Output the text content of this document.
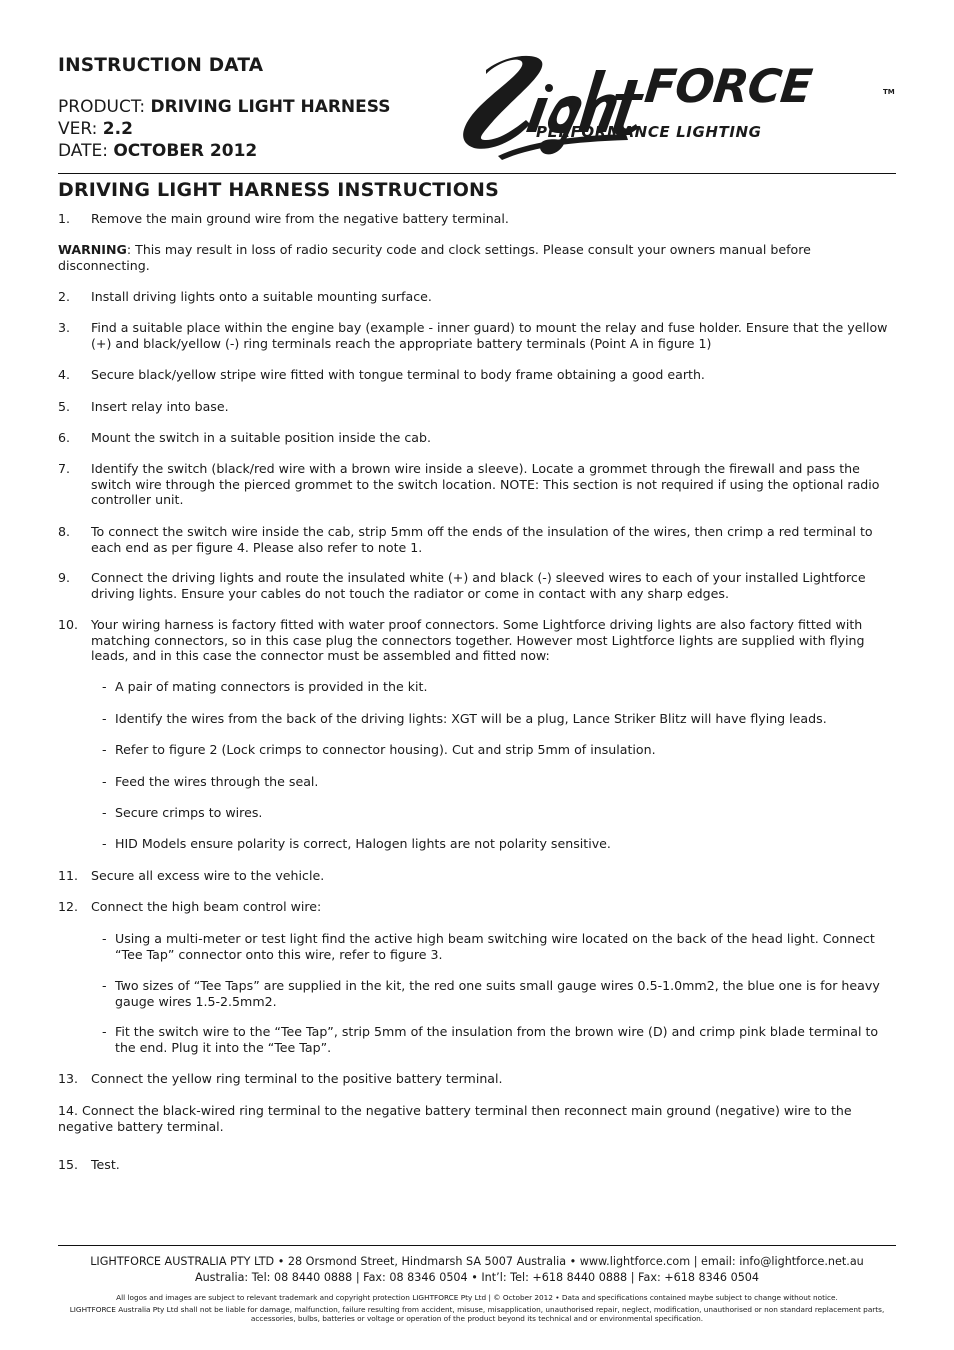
INSTRUCTION DATA
PRODUCT: DRIVING LIGHT HARNESS
VER: 2.2
DATE: OCTOBER 2012
FORCE
PERFORMANCE LIGHTING
TM
DRIVING LIGHT HARNESS INSTRUCTIONS
1. Remove the main ground wire from the negative battery terminal.
WARNING: This may result in loss of radio security code and clock settings. Please consult your owners manual before disconnecting.
2. Install driving lights onto a suitable mounting surface.
3. Find a suitable place within the engine bay (example - inner guard) to mount the relay and fuse holder. Ensure that the yellow (+) and black/yellow (-) ring terminals reach the appropriate battery terminals (Point A in figure 1)
4. Secure black/yellow stripe wire fitted with tongue terminal to body frame obtaining a good earth.
5. Insert relay into base.
6. Mount the switch in a suitable position inside the cab.
7. Identify the switch (black/red wire with a brown wire inside a sleeve). Locate a grommet through the firewall and pass the switch wire through the pierced grommet to the switch location. NOTE: This section is not required if using the optional radio controller unit.
8. To connect the switch wire inside the cab, strip 5mm off the ends of the insulation of the wires, then crimp a red terminal to each end as per figure 4. Please also refer to note 1.
9. Connect the driving lights and route the insulated white (+) and black (-) sleeved wires to each of your installed Lightforce driving lights. Ensure your cables do not touch the radiator or come in contact with any sharp edges.
10. Your wiring harness is factory fitted with water proof connectors. Some Lightforce driving lights are also factory fitted with matching connectors, so in this case plug the connectors together. However most Lightforce lights are supplied with flying leads, and in this case the connector must be assembled and fitted now:
- A pair of mating connectors is provided in the kit.
- Identify the wires from the back of the driving lights: XGT will be a plug, Lance Striker Blitz will have flying leads.
- Refer to figure 2 (Lock crimps to connector housing). Cut and strip 5mm of insulation.
- Feed the wires through the seal.
- Secure crimps to wires.
- HID Models ensure polarity is correct, Halogen lights are not polarity sensitive.
11. Secure all excess wire to the vehicle.
12. Connect the high beam control wire:
- Using a multi-meter or test light find the active high beam switching wire located on the back of the head light. Connect “Tee Tap” connector onto this wire, refer to figure 3.
- Two sizes of “Tee Taps” are supplied in the kit, the red one suits small gauge wires 0.5-1.0mm2, the blue one is for heavy gauge wires 1.5-2.5mm2.
- Fit the switch wire to the “Tee Tap”, strip 5mm of the insulation from the brown wire (D) and crimp pink blade terminal to the end. Plug it into the “Tee Tap”.
13. Connect the yellow ring terminal to the positive battery terminal.
14. Connect the black-wired ring terminal to the negative battery terminal then reconnect main ground (negative) wire to the negative battery terminal.
15. Test.
LIGHTFORCE AUSTRALIA PTY LTD • 28 Orsmond Street, Hindmarsh SA 5007 Australia • www.lightforce.com | email: info@lightforce.net.au
Australia: Tel: 08 8440 0888 | Fax: 08 8346 0504 • Int’l: Tel: +618 8440 0888 | Fax: +618 8346 0504
All logos and images are subject to relevant trademark and copyright protection LIGHTFORCE Pty Ltd | © October 2012 • Data and specifications contained maybe subject to change without notice.
LIGHTFORCE Australia Pty Ltd shall not be liable for damage, malfunction, failure resulting from accident, misuse, misapplication, unauthorised repair, neglect, modification, unauthorised or non standard replacement parts, accessories, bulbs, batteries or voltage or operation of the product beyond its technical and or environmental specification.
